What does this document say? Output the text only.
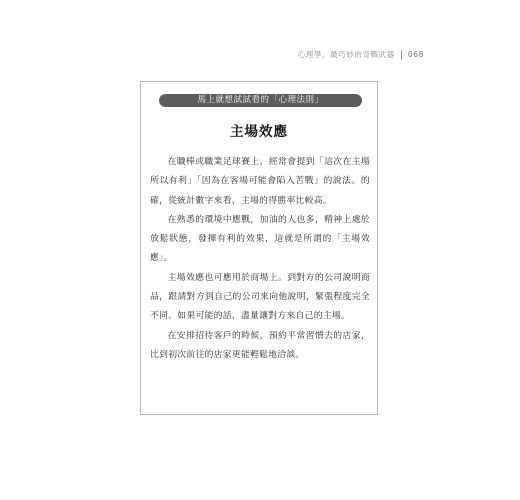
心理學，最巧妙的奇戰武器 068
馬上就想試試看的「心理法則」
主場效應

在職棒或職業足球賽上，經常會提到「這次在主場所以有利」「因為在客場可能會陷入苦戰」的說法。的確，從統計數字來看，主場的得勝率比較高。

在熟悉的環境中應戰，加油的人也多，精神上處於放鬆狀態，發揮有利的效果，這就是所謂的「主場效應」。

主場效應也可應用於商場上。到對方的公司說明商品，跟請對方到自己的公司來向他說明，緊張程度完全不同。如果可能的話，盡量讓對方來自己的主場。

在安排招待客戶的時候，預約平常習慣去的店家，比到初次前往的店家更能輕鬆地洽談。
